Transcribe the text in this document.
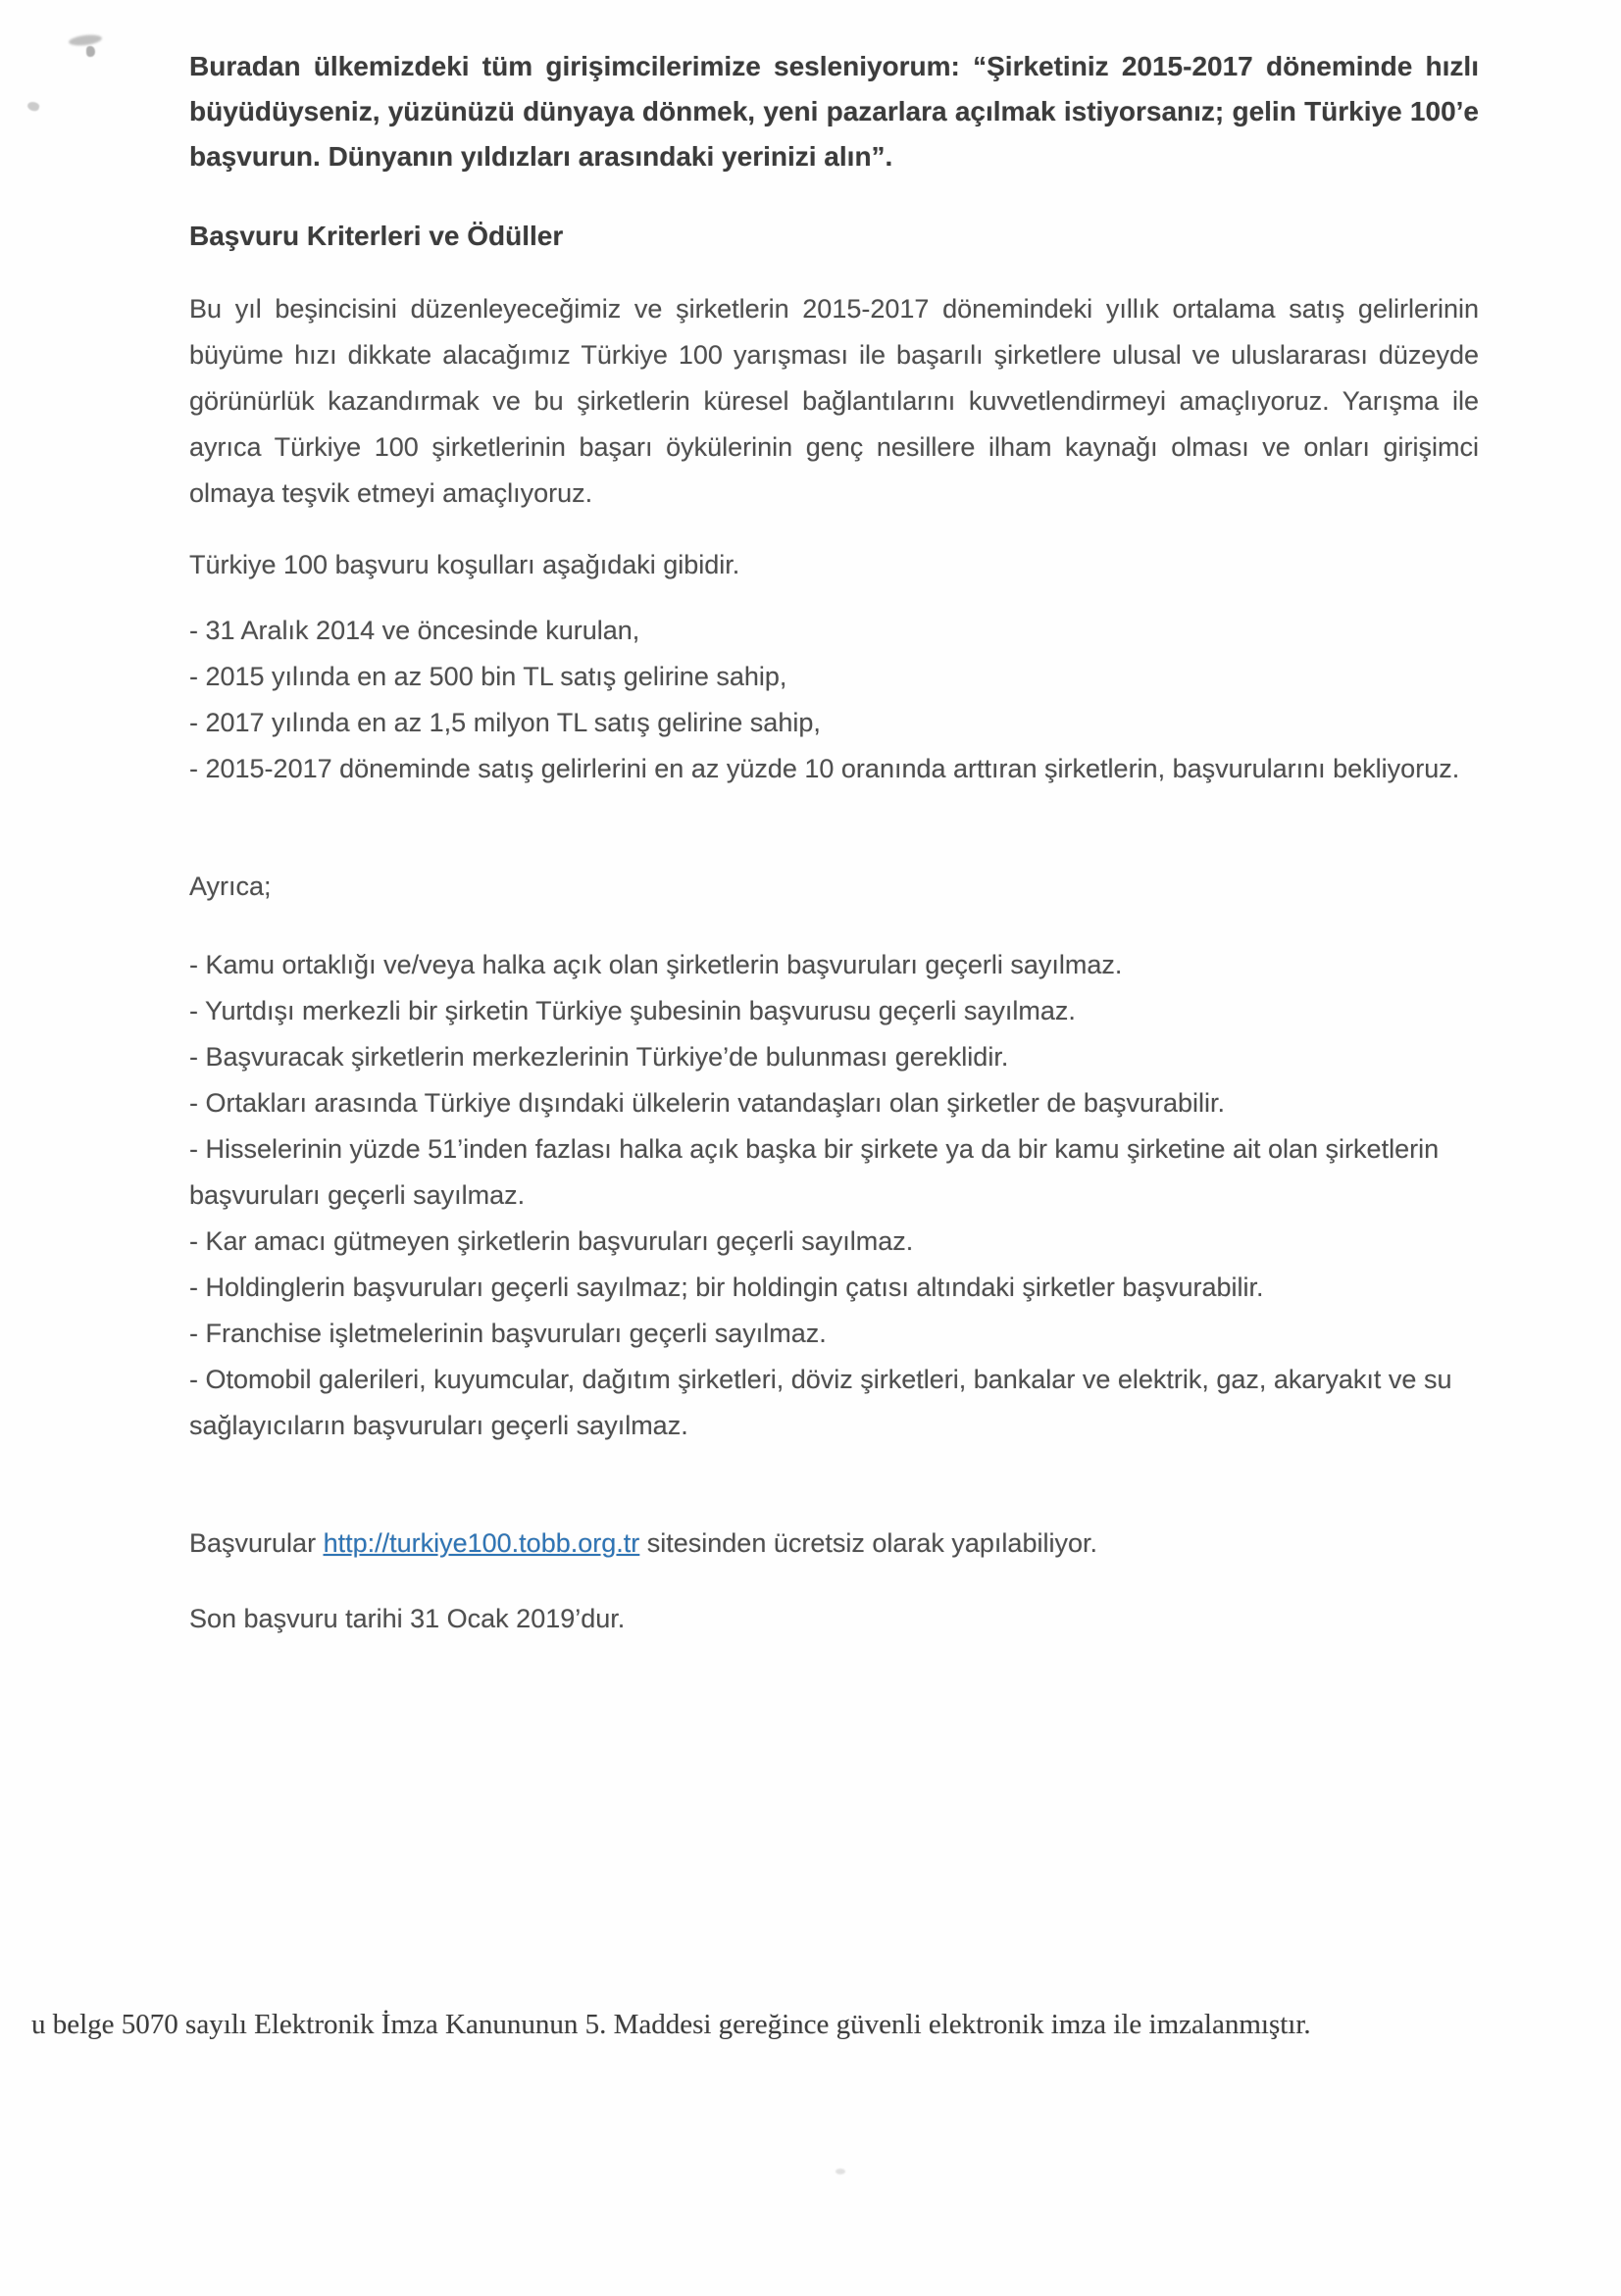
Buradan ülkemizdeki tüm girişimcilerimize sesleniyorum: “Şirketiniz 2015-2017 döneminde hızlı büyüdüyseniz, yüzünüzü dünyaya dönmek, yeni pazarlara açılmak istiyorsanız; gelin Türkiye 100’e başvurun. Dünyanın yıldızları arasındaki yerinizi alın”.

Başvuru Kriterleri ve Ödüller

Bu yıl beşincisini düzenleyeceğimiz ve şirketlerin 2015-2017 dönemindeki yıllık ortalama satış gelirlerinin büyüme hızı dikkate alacağımız Türkiye 100 yarışması ile başarılı şirketlere ulusal ve uluslararası düzeyde görünürlük kazandırmak ve bu şirketlerin küresel bağlantılarını kuvvetlendirmeyi amaçlıyoruz. Yarışma ile ayrıca Türkiye 100 şirketlerinin başarı öykülerinin genç nesillere ilham kaynağı olması ve onları girişimci olmaya teşvik etmeyi amaçlıyoruz.

Türkiye 100 başvuru koşulları aşağıdaki gibidir.

- 31 Aralık 2014 ve öncesinde kurulan,
- 2015 yılında en az 500 bin TL satış gelirine sahip,
- 2017 yılında en az 1,5 milyon TL satış gelirine sahip,
- 2015-2017 döneminde satış gelirlerini en az yüzde 10 oranında arttıran şirketlerin, başvurularını bekliyoruz.

Ayrıca;

- Kamu ortaklığı ve/veya halka açık olan şirketlerin başvuruları geçerli sayılmaz.
- Yurtdışı merkezli bir şirketin Türkiye şubesinin başvurusu geçerli sayılmaz.
- Başvuracak şirketlerin merkezlerinin Türkiye’de bulunması gereklidir.
- Ortakları arasında Türkiye dışındaki ülkelerin vatandaşları olan şirketler de başvurabilir.
- Hisselerinin yüzde 51’inden fazlası halka açık başka bir şirkete ya da bir kamu şirketine ait olan şirketlerin başvuruları geçerli sayılmaz.
- Kar amacı gütmeyen şirketlerin başvuruları geçerli sayılmaz.
- Holdinglerin başvuruları geçerli sayılmaz; bir holdingin çatısı altındaki şirketler başvurabilir.
- Franchise işletmelerinin başvuruları geçerli sayılmaz.
- Otomobil galerileri, kuyumcular, dağıtım şirketleri, döviz şirketleri, bankalar ve elektrik, gaz, akaryakıt ve su sağlayıcıların başvuruları geçerli sayılmaz.

Başvurular http://turkiye100.tobb.org.tr sitesinden ücretsiz olarak yapılabiliyor.

Son başvuru tarihi 31 Ocak 2019’dur.

u belge 5070 sayılı Elektronik İmza Kanununun 5. Maddesi gereğince güvenli elektronik imza ile imzalanmıştır.
